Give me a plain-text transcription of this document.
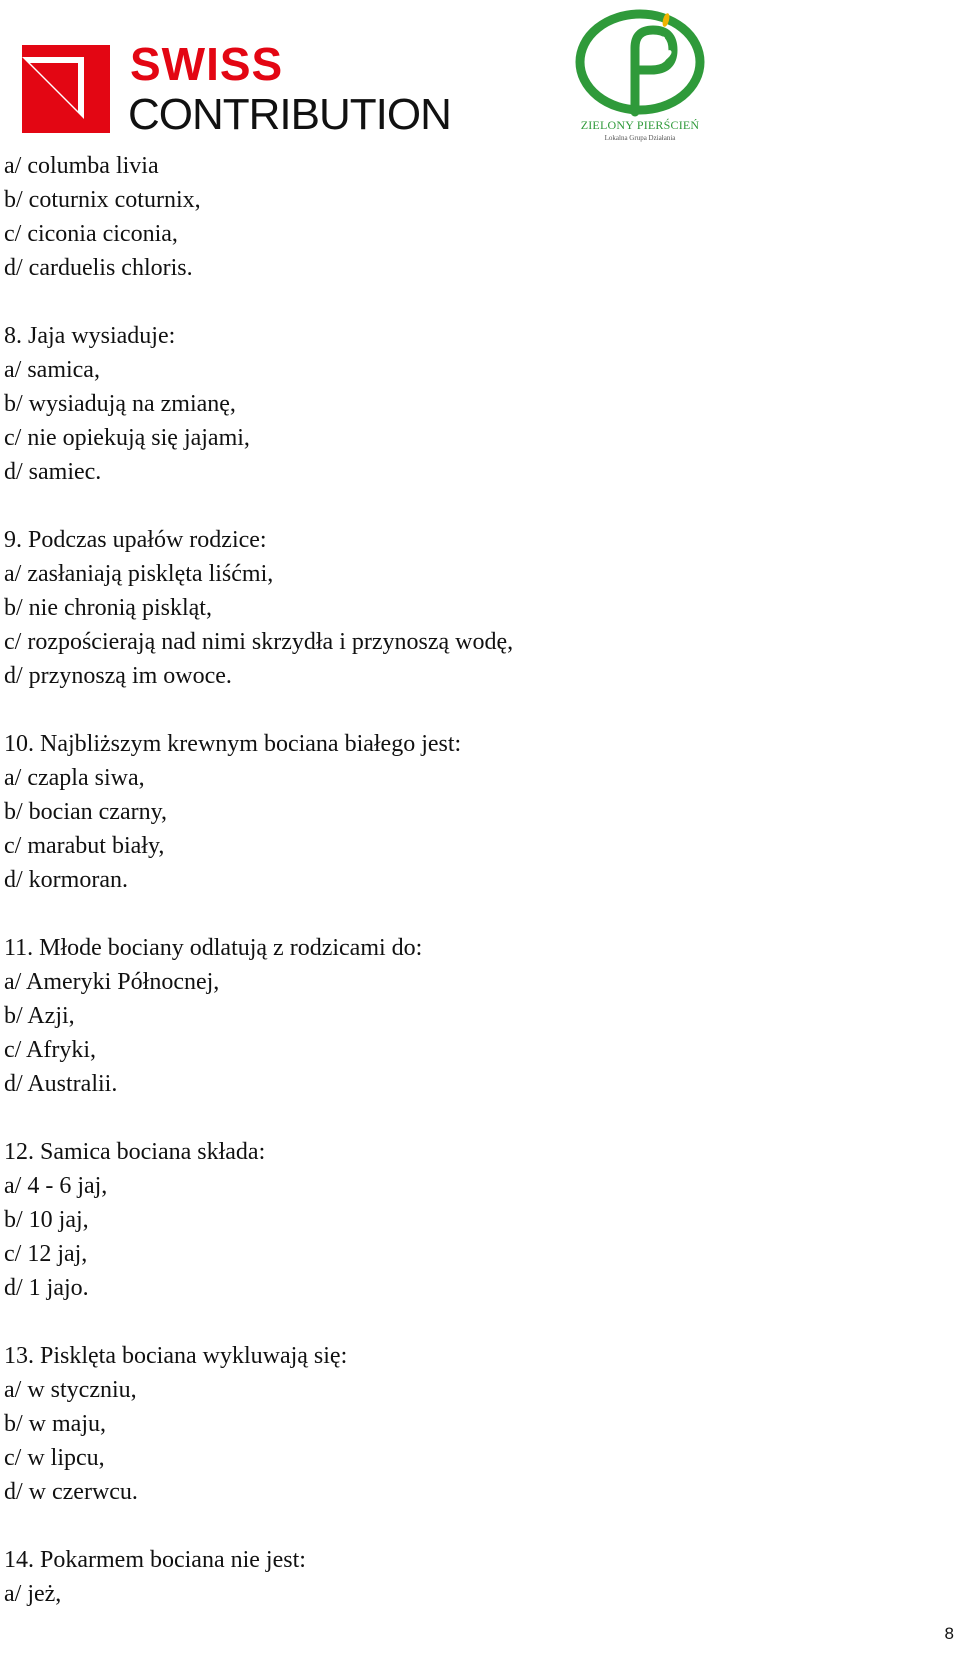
SWISS
CONTRIBUTION	ZIELONY PIERŚCIEŃ
Lokalna Grupa Działania
a/ columba livia
b/ coturnix coturnix,
c/ ciconia ciconia,
d/ carduelis chloris.
8. Jaja wysiaduje:
a/ samica,
b/ wysiadują na zmianę,
c/ nie opiekują się jajami,
d/ samiec.
9. Podczas upałów rodzice:
a/ zasłaniają pisklęta liśćmi,
b/ nie chronią piskląt,
c/ rozpościerają nad nimi skrzydła i przynoszą wodę,
d/ przynoszą im owoce.
10. Najbliższym krewnym bociana białego jest:
a/ czapla siwa,
b/ bocian czarny,
c/ marabut biały,
d/ kormoran.
11. Młode bociany odlatują z rodzicami do:
a/ Ameryki Północnej,
b/ Azji,
c/ Afryki,
d/ Australii.
12. Samica bociana składa:
a/ 4 - 6 jaj,
b/ 10 jaj,
c/ 12 jaj,
d/ 1 jajo.
13. Pisklęta bociana wykluwają się:
a/ w styczniu,
b/ w maju,
c/ w lipcu,
d/ w czerwcu.
14. Pokarmem bociana nie jest:
a/ jeż,
8
